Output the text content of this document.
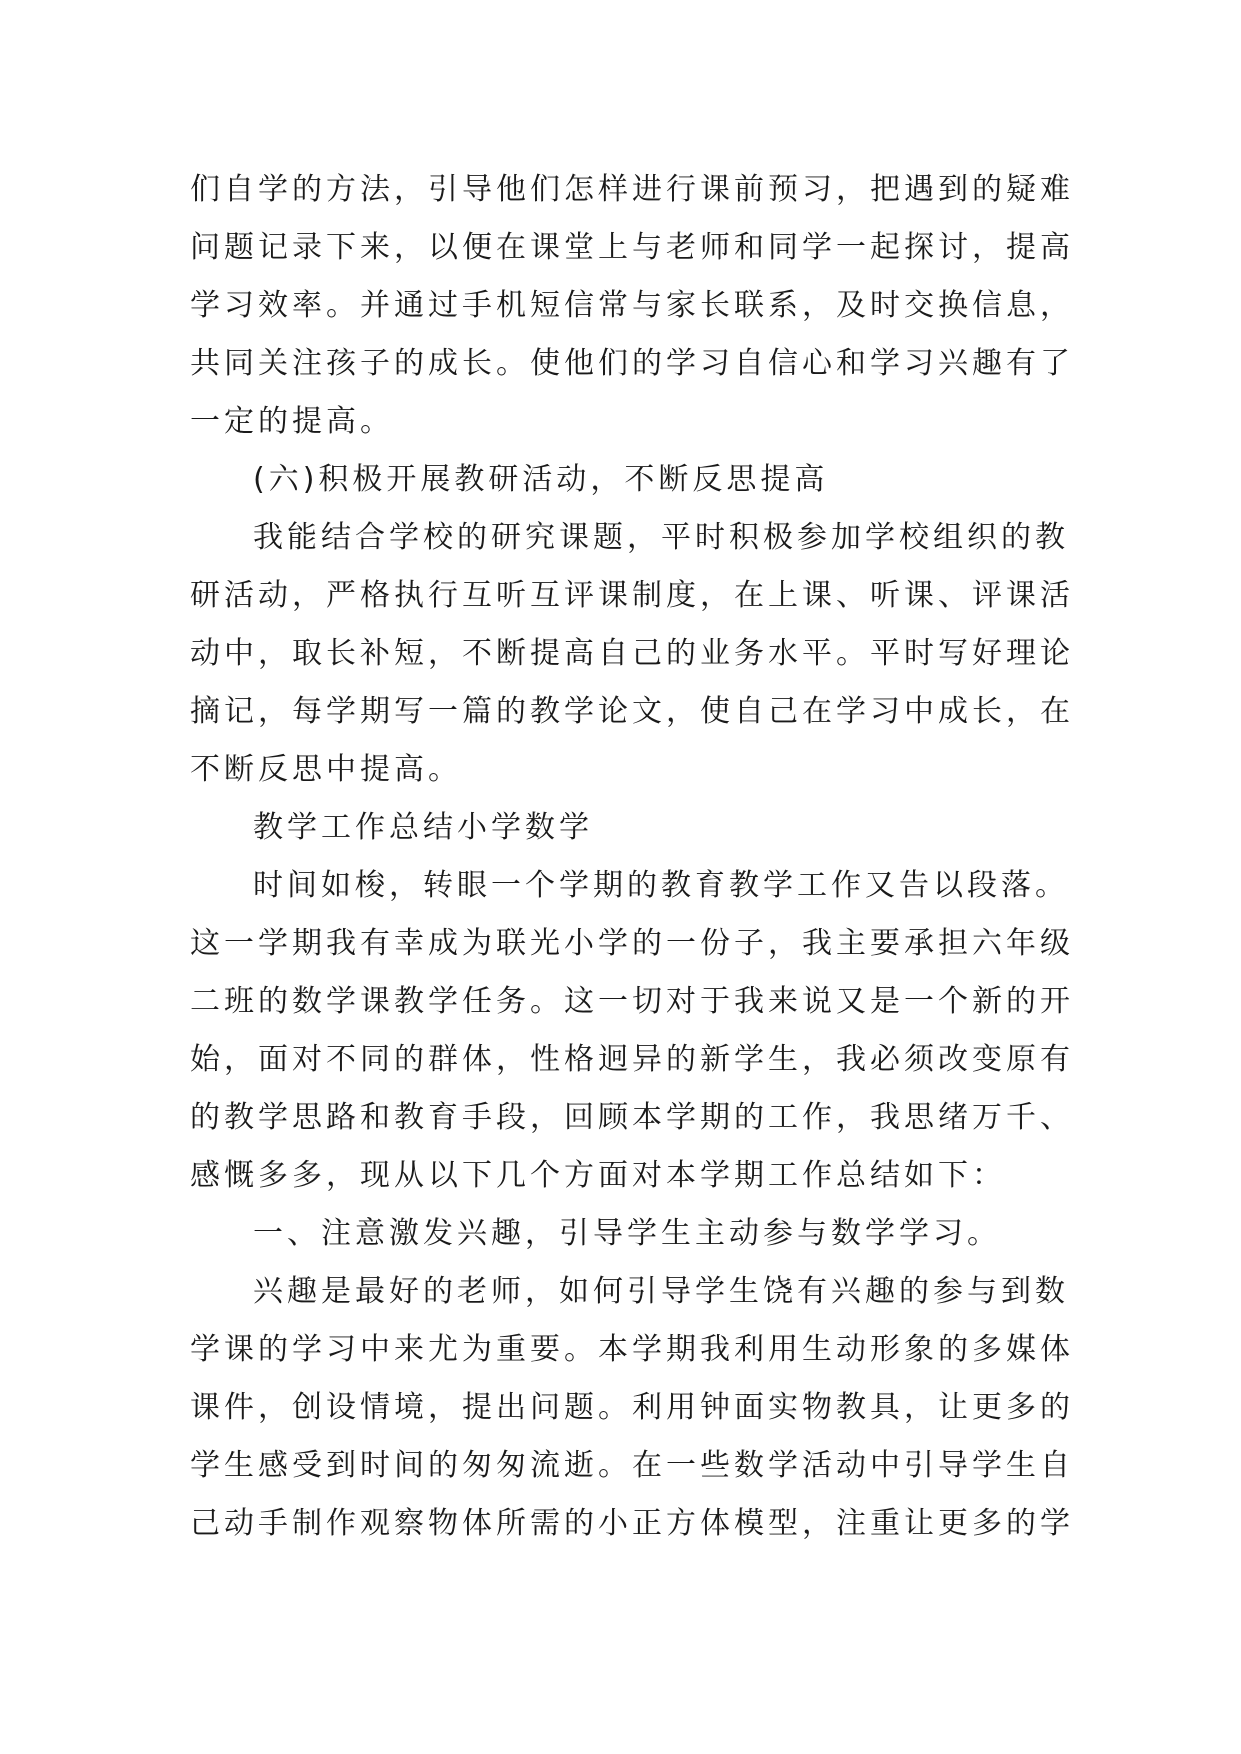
们自学的方法，引导他们怎样进行课前预习，把遇到的疑难
问题记录下来，以便在课堂上与老师和同学一起探讨，提高
学习效率。并通过手机短信常与家长联系，及时交换信息，
共同关注孩子的成长。使他们的学习自信心和学习兴趣有了
一定的提高。
(六)积极开展教研活动，不断反思提高
我能结合学校的研究课题，平时积极参加学校组织的教
研活动，严格执行互听互评课制度，在上课、听课、评课活
动中，取长补短，不断提高自己的业务水平。平时写好理论
摘记，每学期写一篇的教学论文，使自己在学习中成长，在
不断反思中提高。
教学工作总结小学数学
时间如梭，转眼一个学期的教育教学工作又告以段落。
这一学期我有幸成为联光小学的一份子，我主要承担六年级
二班的数学课教学任务。这一切对于我来说又是一个新的开
始，面对不同的群体，性格迥异的新学生，我必须改变原有
的教学思路和教育手段，回顾本学期的工作，我思绪万千、
感慨多多，现从以下几个方面对本学期工作总结如下：
一、注意激发兴趣，引导学生主动参与数学学习。
兴趣是最好的老师，如何引导学生饶有兴趣的参与到数
学课的学习中来尤为重要。本学期我利用生动形象的多媒体
课件，创设情境，提出问题。利用钟面实物教具，让更多的
学生感受到时间的匆匆流逝。在一些数学活动中引导学生自
己动手制作观察物体所需的小正方体模型，注重让更多的学
